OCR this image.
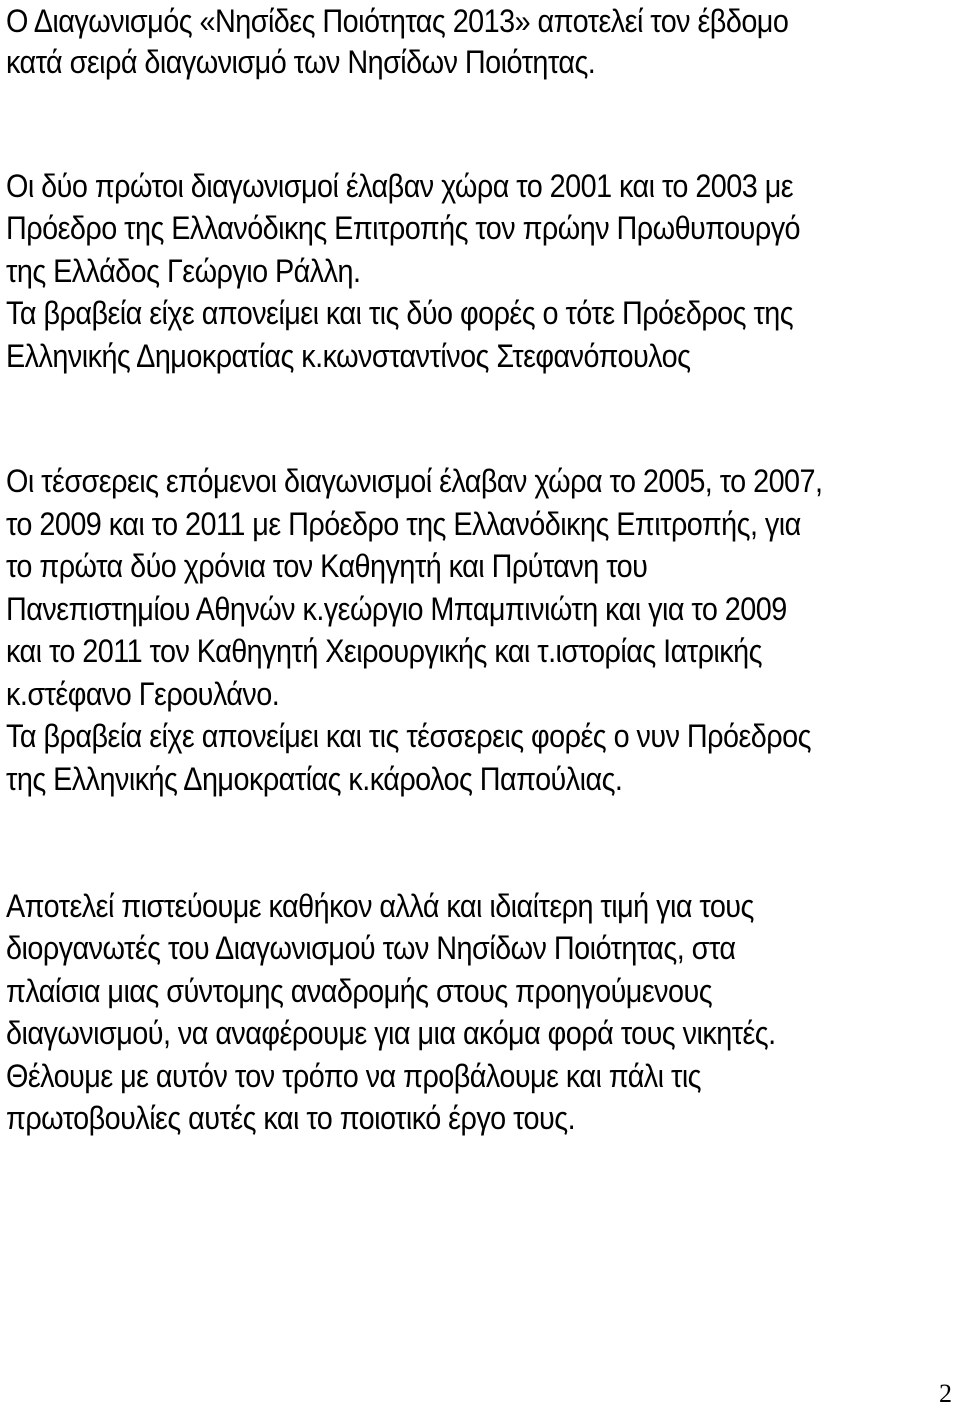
Ο Διαγωνισμός «Νησίδες Ποιότητας 2013» αποτελεί τον έβδομο
κατά σειρά διαγωνισμό των Νησίδων Ποιότητας.
Οι δύο πρώτοι διαγωνισμοί έλαβαν χώρα το 2001 και το 2003 με
Πρόεδρο της Ελλανόδικης Επιτροπής τον πρώην Πρωθυπουργό
της Ελλάδος Γεώργιο Ράλλη.
Τα βραβεία είχε απονείμει και τις δύο φορές ο τότε Πρόεδρος της
Ελληνικής Δημοκρατίας κ.κωνσταντίνος Στεφανόπουλος
Οι τέσσερεις επόμενοι διαγωνισμοί έλαβαν χώρα το 2005, το 2007,
το 2009 και το 2011 με Πρόεδρο της Ελλανόδικης Επιτροπής, για
το πρώτα δύο χρόνια τον Καθηγητή και Πρύτανη του
Πανεπιστημίου Αθηνών κ.γεώργιο Μπαμπινιώτη και για το 2009
και το 2011 τον Καθηγητή Χειρουργικής και τ.ιστορίας Ιατρικής
κ.στέφανο Γερουλάνο.
Τα βραβεία είχε απονείμει και τις τέσσερεις φορές ο νυν Πρόεδρος
της Ελληνικής Δημοκρατίας κ.κάρολος Παπούλιας.
Αποτελεί πιστεύουμε καθήκον αλλά και ιδιαίτερη τιμή για τους
διοργανωτές του Διαγωνισμού των Νησίδων Ποιότητας, στα
πλαίσια μιας σύντομης αναδρομής στους προηγούμενους
διαγωνισμού, να αναφέρουμε για μια ακόμα φορά τους νικητές.
Θέλουμε με αυτόν τον τρόπο να προβάλουμε και πάλι τις
πρωτοβουλίες αυτές και το ποιοτικό έργο τους.
2
